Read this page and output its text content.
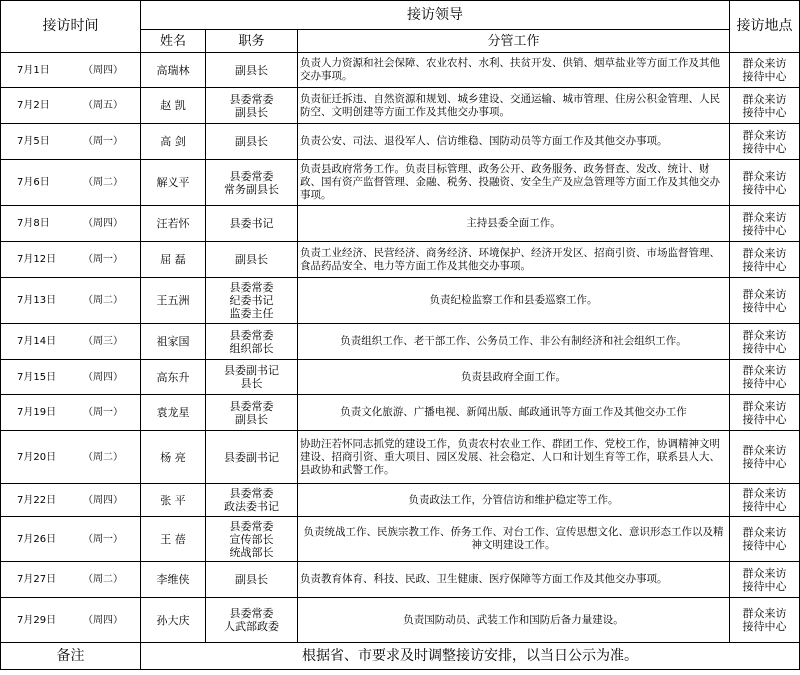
接访时间	接访领导			接访地点
	姓名	职务	分管工作	
7月1日 （周四）	高瑞林	副县长	负责人力资源和社会保障、农业农村、水利、扶贫开发、供销、烟草盐业等方面工作及其他交办事项。	群众来访
接待中心

7月2日 （周五）	赵 凯	县委常委
副县长	负责征迁拆违、自然资源和规划、城乡建设、交通运输、城市管理、住房公积金管理、人民防空、文明创建等方面工作及其他交办事项。	群众来访
接待中心

7月5日 （周一）	高 剑	副县长	负责公安、司法、退役军人、信访维稳、国防动员等方面工作及其他交办事项。	群众来访
接待中心

7月6日 （周二）	解义平	县委常委
常务副县长	负责县政府常务工作。负责目标管理、政务公开、政务服务、政务督查、发改、统计、财政、国有资产监督管理、金融、税务、投融资、安全生产及应急管理等方面工作及其他交办事项。	群众来访
接待中心

7月8日 （周四）	汪若怀	县委书记	主持县委全面工作。	群众来访
接待中心

7月12日 （周一）	屈 磊	副县长	负责工业经济、民营经济、商务经济、环境保护、经济开发区、招商引资、市场监督管理、食品药品安全、电力等方面工作及其他交办事项。	群众来访
接待中心

7月13日 （周二）	王五洲	县委常委
纪委书记
监委主任	负责纪检监察工作和县委巡察工作。	群众来访
接待中心

7月14日 （周三）	祖家国	县委常委
组织部长	负责组织工作、老干部工作、公务员工作、非公有制经济和社会组织工作。	群众来访
接待中心

7月15日 （周四）	高东升	县委副书记
县长	负责县政府全面工作。	群众来访
接待中心

7月19日 （周一）	袁龙星	县委常委
副县长	负责文化旅游、广播电视、新闻出版、邮政通讯等方面工作及其他交办工作	群众来访
接待中心

7月20日 （周二）	杨 亮	县委副书记	协助汪若怀同志抓党的建设工作，负责农村农业工作、群团工作、党校工作，协调精神文明建设、招商引资、重大项目、园区发展、社会稳定、人口和计划生育等工作，联系县人大、县政协和武警工作。	群众来访
接待中心

7月22日 （周四）	张 平	县委常委
政法委书记	负责政法工作，分管信访和维护稳定等工作。	群众来访
接待中心

7月26日 （周一）	王 蓓	县委常委
宣传部长
统战部长	负责统战工作、民族宗教工作、侨务工作、对台工作、宣传思想文化、意识形态工作以及精神文明建设工作。	群众来访
接待中心

7月27日 （周二）	李维侠	副县长	负责教育体育、科技、民政、卫生健康、医疗保障等方面工作及其他交办事项。	群众来访
接待中心

7月29日 （周四）	孙大庆	县委常委
人武部政委	负责国防动员、武装工作和国防后备力量建设。	群众来访
接待中心

备注	根据省、市要求及时调整接访安排，以当日公示为准。			
